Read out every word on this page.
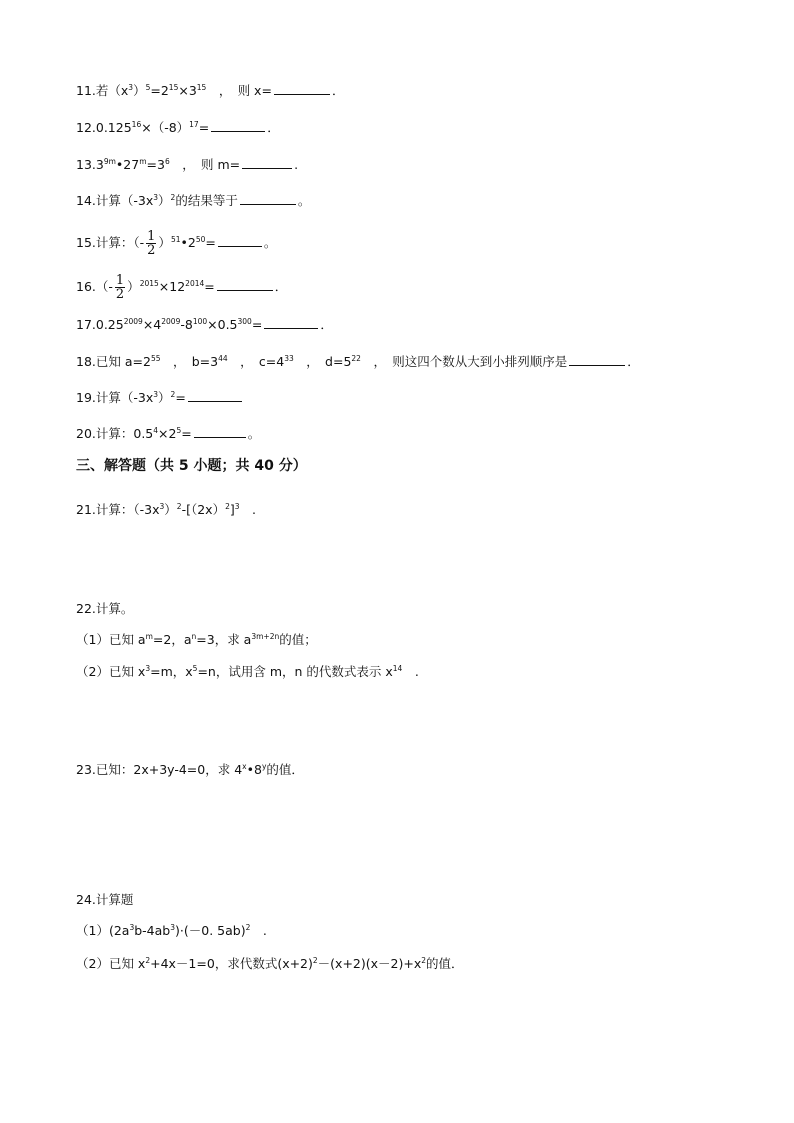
11.若$(x^3)^5=2^{15}\times 3^{15}$　，　则 x=	．
$12.0.125^{16}\times(-8)^{17}=$	．
$13.3^{9m}•27^m=3^6$　，　则 m=	.
14.计算$(-3x^3)^2$的结果等于	。
15.计算：（- $\frac{1}{2}$ ）$^{51}•2^{50}=$	。
$16.(- \frac{1}{2} )^{2015}\times 12^{2014}=$	．
$17.0.25^{2009}\times 4^{2009}-8^{100}\times 0.5^{300}=$	．
18.已知 $a=2^{55}$　，　$b=3^{44}$　，　$c=4^{33}$　，　$d=5^{22}$　，　则这四个数从大到小排列顺序是	．
19.计算$(-3x^3)^2=$
20.计算：$0.5^4\times 2^5=$	。
三、解答题（共 5 小题；共 40 分）
21.计算：$(-3x^3)^2-[(2x)^2]^3$　.
22.计算。
（1）已知 $a^m=2$，$a^n=3$，求 $a^{3m+2n}$的值；
（2）已知 $x^3=m$，$x^5=n$，试用含 m，n 的代数式表示 $x^{14}$　.
23.已知：2x+3y-4=0，求 4$^x$•8$^y$的值．
24.计算题
$(1)(2a^3b-4ab^3)\cdot(-0$. 5ab)$^2$　.
（2）已知 $x^2+4x-1=0$，求代数式$(x+2)^2-(x+2)(x-2)+x^2$的值．
